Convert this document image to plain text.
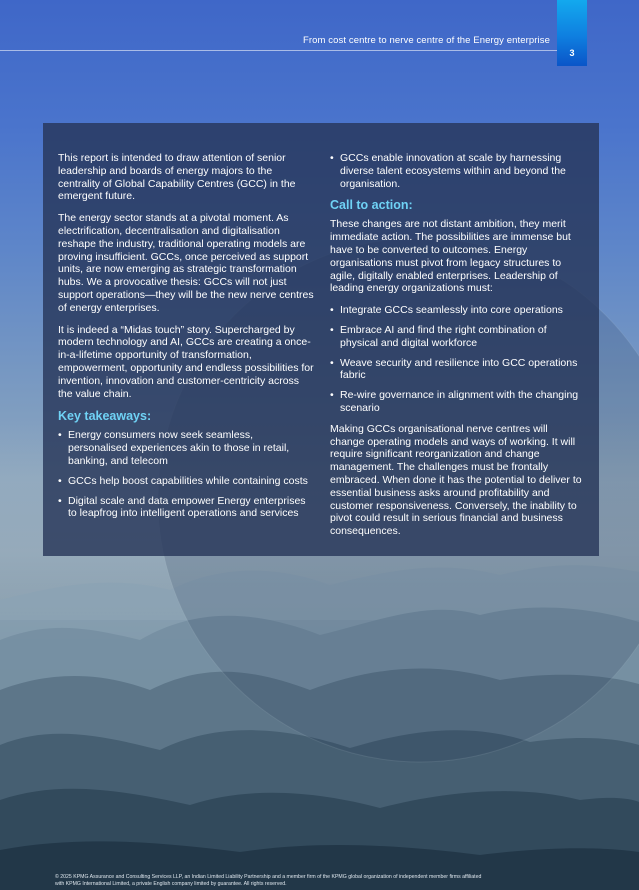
From cost centre to nerve centre of the Energy enterprise
3

This report is intended to draw attention of senior leadership and boards of energy majors to the centrality of Global Capability Centres (GCC) in the emergent future.

The energy sector stands at a pivotal moment. As electrification, decentralisation and digitalisation reshape the industry, traditional operating models are proving insufficient. GCCs, once perceived as support units, are now emerging as strategic transformation hubs. We a provocative thesis: GCCs will not just support operations—they will be the new nerve centres of energy enterprises.

It is indeed a “Midas touch” story. Supercharged by modern technology and AI, GCCs are creating a once-in-a-lifetime opportunity of transformation, empowerment, opportunity and endless possibilities for invention, innovation and customer-centricity across the value chain.

Key takeaways:
• Energy consumers now seek seamless, personalised experiences akin to those in retail, banking, and telecom
• GCCs help boost capabilities while containing costs
• Digital scale and data empower Energy enterprises to leapfrog into intelligent operations and services
• GCCs enable innovation at scale by harnessing diverse talent ecosystems within and beyond the organisation.
Call to action:

These changes are not distant ambition, they merit immediate action. The possibilities are immense but have to be converted to outcomes. Energy organisations must pivot from legacy structures to agile, digitally enabled enterprises. Leadership of leading energy organizations must:

• Integrate GCCs seamlessly into core operations
• Embrace AI and find the right combination of physical and digital workforce
• Weave security and resilience into GCC operations fabric
• Re-wire governance in alignment with the changing scenario

Making GCCs organisational nerve centres will change operating models and ways of working. It will require significant reorganization and change management. The challenges must be frontally embraced. When done it has the potential to deliver to essential business asks around profitability and customer responsiveness. Conversely, the inability to pivot could result in serious financial and business consequences.

© 2025 KPMG Assurance and Consulting Services LLP, an Indian Limited Liability Partnership and a member firm of the KPMG global organization of independent member firms affiliated
with KPMG International Limited, a private English company limited by guarantee. All rights reserved.
